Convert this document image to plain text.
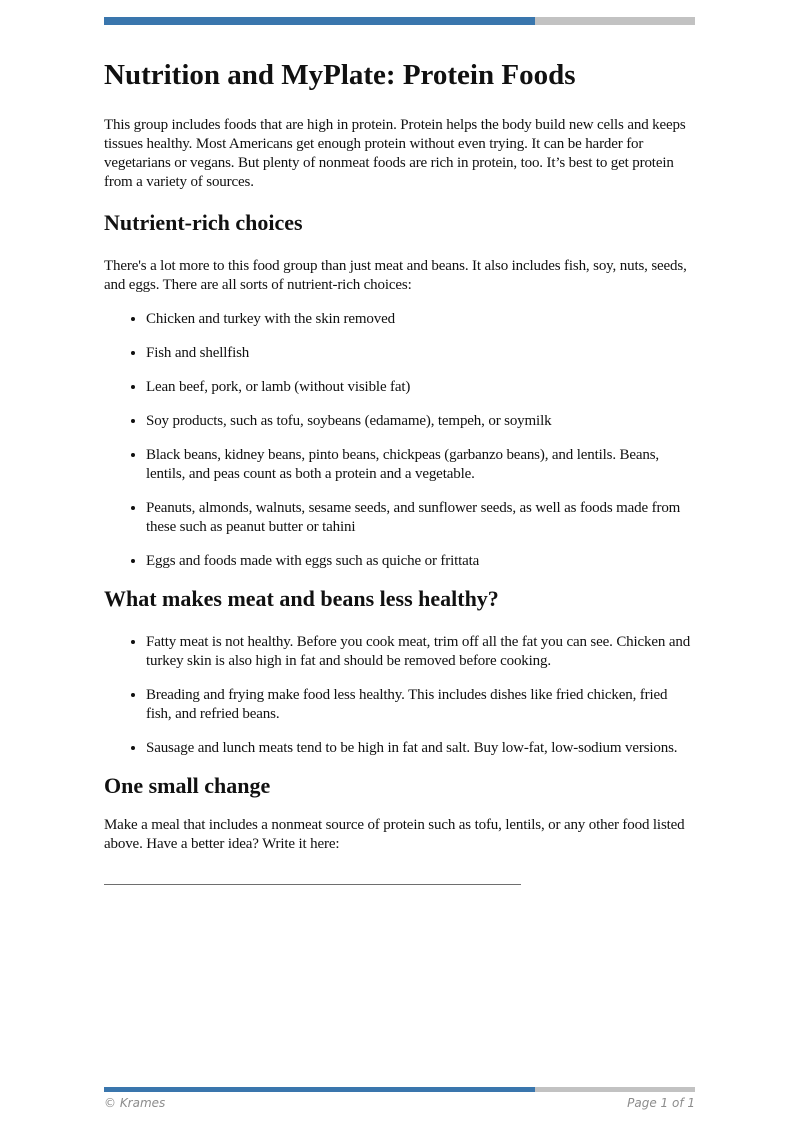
Nutrition and MyPlate: Protein Foods

This group includes foods that are high in protein. Protein helps the body build new cells and keeps tissues healthy. Most Americans get enough protein without even trying. It can be harder for vegetarians or vegans. But plenty of nonmeat foods are rich in protein, too. It’s best to get protein from a variety of sources.

Nutrient-rich choices

There's a lot more to this food group than just meat and beans. It also includes fish, soy, nuts, seeds, and eggs. There are all sorts of nutrient-rich choices:

• Chicken and turkey with the skin removed
• Fish and shellfish
• Lean beef, pork, or lamb (without visible fat)
• Soy products, such as tofu, soybeans (edamame), tempeh, or soymilk
• Black beans, kidney beans, pinto beans, chickpeas (garbanzo beans), and lentils. Beans, lentils, and peas count as both a protein and a vegetable.
• Peanuts, almonds, walnuts, sesame seeds, and sunflower seeds, as well as foods made from these such as peanut butter or tahini
• Eggs and foods made with eggs such as quiche or frittata
What makes meat and beans less healthy?
• Fatty meat is not healthy. Before you cook meat, trim off all the fat you can see. Chicken and turkey skin is also high in fat and should be removed before cooking.
• Breading and frying make food less healthy. This includes dishes like fried chicken, fried fish, and refried beans.
• Sausage and lunch meats tend to be high in fat and salt. Buy low-fat, low-sodium versions.
One small change

Make a meal that includes a nonmeat source of protein such as tofu, lentils, or any other food listed above. Have a better idea? Write it here:

© Krames	Page 1 of 1
